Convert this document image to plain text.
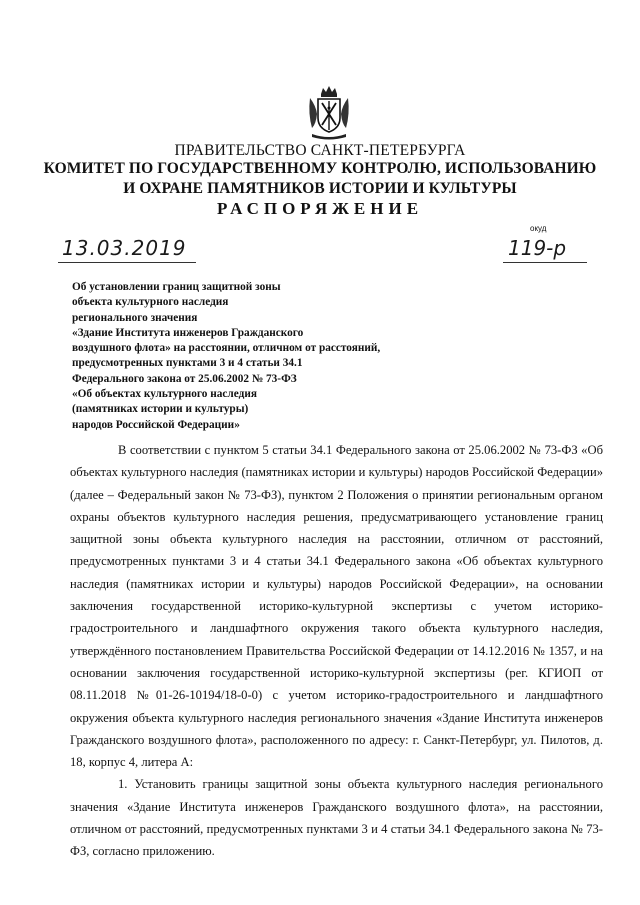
ПРАВИТЕЛЬСТВО САНКТ-ПЕТЕРБУРГА
КОМИТЕТ ПО ГОСУДАРСТВЕННОМУ КОНТРОЛЮ, ИСПОЛЬЗОВАНИЮ
И ОХРАНЕ ПАМЯТНИКОВ ИСТОРИИ И КУЛЬТУРЫ
РАСПОРЯЖЕНИЕ
окуд
13.03.2019	119-р
Об установлении границ защитной зоны
объекта культурного наследия
регионального значения
«Здание Института инженеров Гражданского
воздушного флота» на расстоянии, отличном от расстояний,
предусмотренных пунктами 3 и 4 статьи 34.1
Федерального закона от 25.06.2002 № 73-ФЗ
«Об объектах культурного наследия
(памятниках истории и культуры)
народов Российской Федерации»

В соответствии с пунктом 5 статьи 34.1 Федерального закона от 25.06.2002 № 73-ФЗ «Об объектах культурного наследия (памятниках истории и культуры) народов Российской Федерации» (далее – Федеральный закон № 73-ФЗ), пунктом 2 Положения о принятии региональным органом охраны объектов культурного наследия решения, предусматривающего установление границ защитной зоны объекта культурного наследия на расстоянии, отличном от расстояний, предусмотренных пунктами 3 и 4 статьи 34.1 Федерального закона «Об объектах культурного наследия (памятниках истории и культуры) народов Российской Федерации», на основании заключения государственной историко-культурной экспертизы с учетом историко-градостроительного и ландшафтного окружения такого объекта культурного наследия, утверждённого постановлением Правительства Российской Федерации от 14.12.2016 № 1357, и на основании заключения государственной историко-культурной экспертизы (рег. КГИОП от 08.11.2018 №01-26-10194/18-0-0) с учетом историко-градостроительного и ландшафтного окружения объекта культурного наследия регионального значения «Здание Института инженеров Гражданского воздушного флота», расположенного по адресу: г. Санкт-Петербург, ул. Пилотов, д. 18, корпус 4, литера А:

1. Установить границы защитной зоны объекта культурного наследия регионального значения «Здание Института инженеров Гражданского воздушного флота», на расстоянии, отличном от расстояний, предусмотренных пунктами 3 и 4 статьи 34.1 Федерального закона № 73-ФЗ, согласно приложению.
